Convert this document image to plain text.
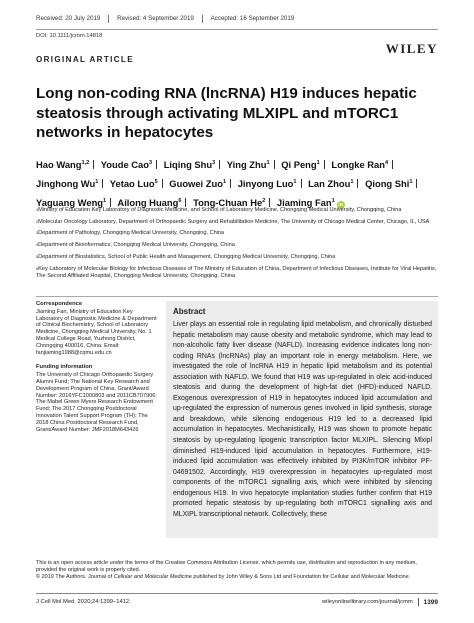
Received: 20 July 2019	Revised: 4 September 2019	Accepted: 16 September 2019
DOI: 10.1111/jcmm.14818
WILEY
ORIGINAL ARTICLE
Long non-coding RNA (lncRNA) H19 induces hepatic steatosis through activating MLXIPL and mTORC1 networks in hepatocytes
Hao Wang$^{1,2}$ Youde Cao$^3$ Liqing Shu$^3$ Ying Zhu$^1$ Qi Peng$^1$ Longke Ran$^4$ Jinghong Wu$^1$ Yetao Luo$^5$ Guowei Zuo$^1$ Jinyong Luo$^1$ Lan Zhou$^1$ Qiong Shi$^1$ Yaguang Weng$^1$ Ailong Huang$^6$ Tong-Chuan He$^2$ Jiaming Fan$^1$iD
$^1$Ministry of Education Key Laboratory of Diagnostic Medicine, and School of Laboratory Medicine, Chongqing Medical University, Chongqing, China
$^2$Molecular Oncology Laboratory, Department of Orthopaedic Surgery and Rehabilitation Medicine, The University of Chicago Medical Center, Chicago, IL, USA
$^3$Department of Pathology, Chongqing Medical University, Chongqing, China
$^4$Department of Bioinformatics, Chongqing Medical University, Chongqing, China
$^5$Department of Biostatistics, School of Public Health and Management, Chongqing Medical University, Chongqing, China
$^6$Key Laboratory of Molecular Biology for Infectious Diseases of The Ministry of Education of China, Department of Infectious Diseases, Institute for Viral Hepatitis, The Second Affiliated Hospital, Chongqing Medical University, Chongqing, China
Correspondence
Jiaming Fan, Ministry of Education Key Laboratory of Diagnostic Medicine & Department of Clinical Biochemistry, School of Laboratory Medicine, Chongqing Medical University, No. 1 Medical College Road, Yuzhong District, Chongqing 400016, China. Email: fanjiaming1988@cqmu.edu.cn
Funding information
The University of Chicago Orthopaedic Surgery Alumni Fund; The National Key Research and Development Program of China, Grant/Award Number: 2016YFC1000803 and 2011CB707906; The Mabel Green Myers Research Endowment Fund; The 2017 Chongqing Postdoctoral Innovation Talent Support Program (TH); The 2018 China Postdoctoral Research Fund, Grant/Award Number: JMF2018M643426
Abstract

Liver plays an essential role in regulating lipid metabolism, and chronically disturbed hepatic metabolism may cause obesity and metabolic syndrome, which may lead to non-alcoholic fatty liver disease (NAFLD). Increasing evidence indicates long non-coding RNAs (lncRNAs) play an important role in energy metabolism. Here, we investigated the role of lncRNA H19 in hepatic lipid metabolism and its potential association with NAFLD. We found that H19 was up-regulated in oleic acid-induced steatosis and during the development of high-fat diet (HFD)-induced NAFLD. Exogenous overexpression of H19 in hepatocytes induced lipid accumulation and up-regulated the expression of numerous genes involved in lipid synthesis, storage and breakdown, while silencing endogenous H19 led to a decreased lipid accumulation in hepatocytes. Mechanistically, H19 was shown to promote hepatic steatosis by up-regulating lipogenic transcription factor MLXIPL. Silencing Mlxipl diminished H19-induced lipid accumulation in hepatocytes. Furthermore, H19-induced lipid accumulation was effectively inhibited by PI3K/mTOR inhibitor PF-04691502. Accordingly, H19 overexpression in hepatocytes up-regulated most components of the mTORC1 signalling axis, which were inhibited by silencing endogenous H19. In vivo hepatocyte implantation studies further confirm that H19 promoted hepatic steatosis by up-regulating both mTORC1 signalling axis and MLXIPL transcriptional network. Collectively, these

This is an open access article under the terms of the Creative Commons Attribution License, which permits use, distribution and reproduction in any medium, provided the original work is properly cited.
© 2019 The Authors. Journal of Cellular and Molecular Medicine published by John Wiley & Sons Ltd and Foundation for Cellular and Molecular Medicine.
J Cell Mol Med. 2020;24:1399–1412.	wileyonlinelibrary.com/journal/jcmm 1399
